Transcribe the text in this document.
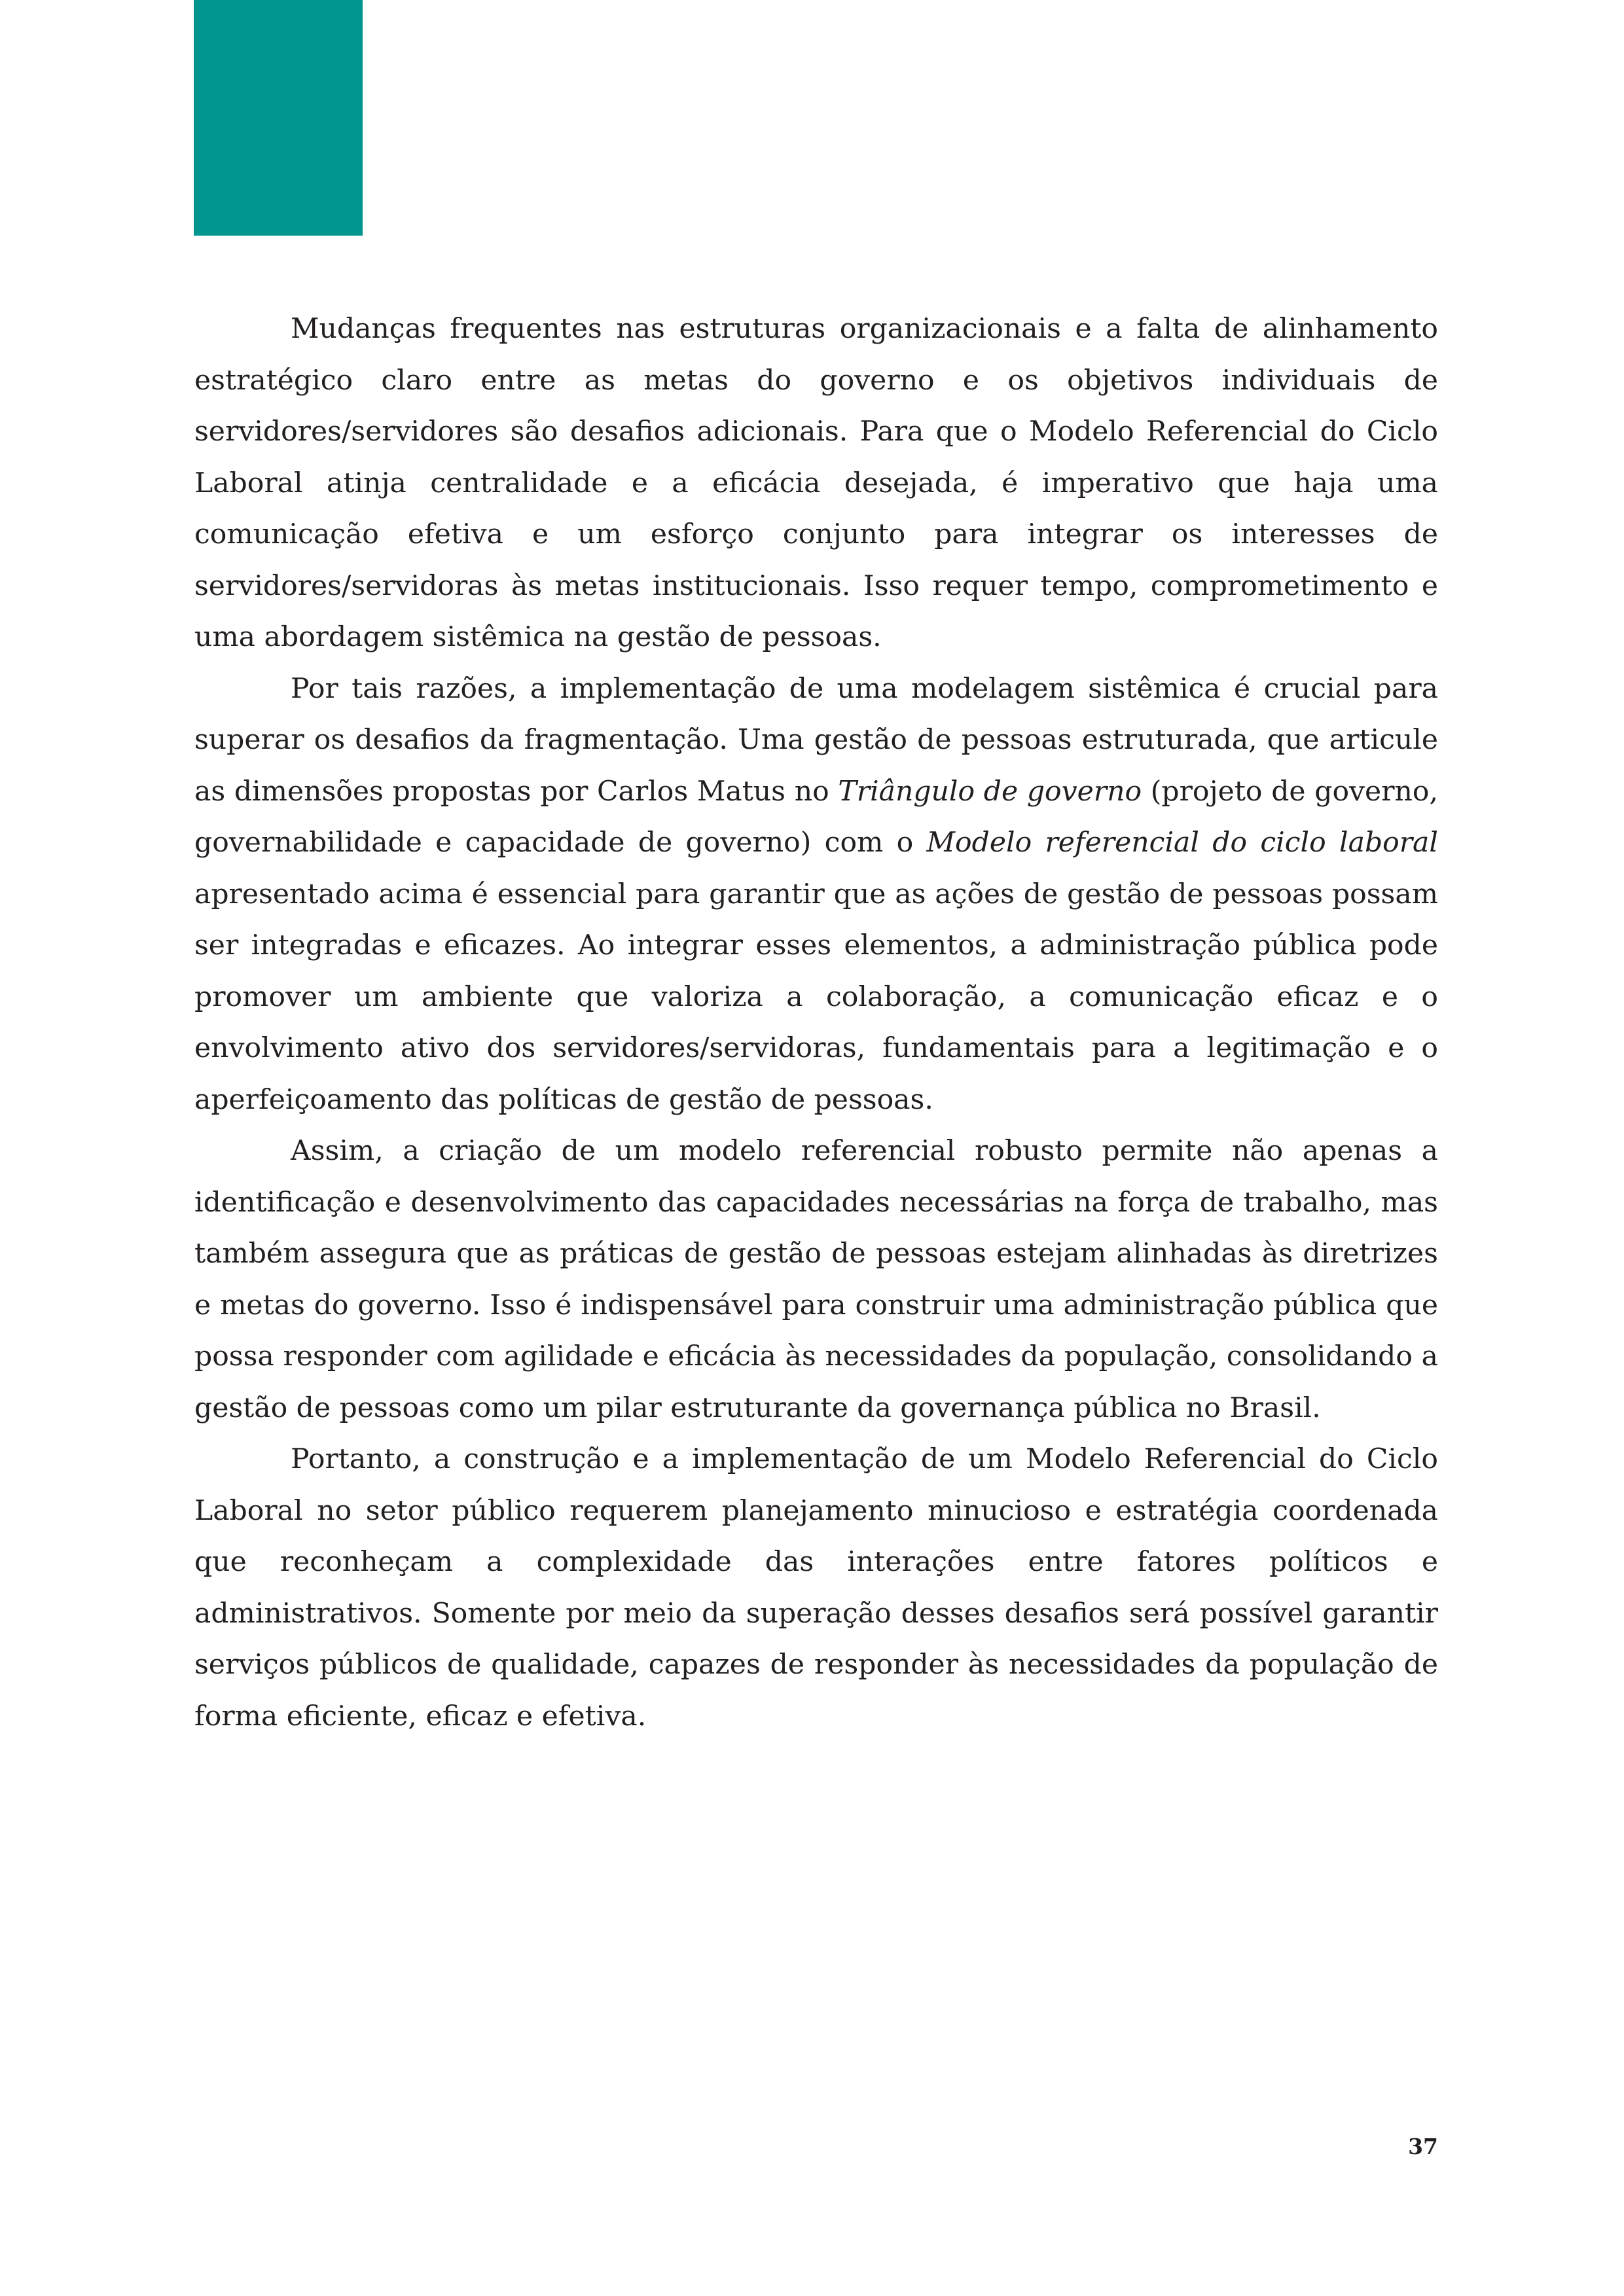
Mudanças frequentes nas estruturas organizacionais e a falta de alinhamento estratégico claro entre as metas do governo e os objetivos individuais de servidores/servidores são desafios adicionais. Para que o Modelo Referencial do Ciclo Laboral atinja centralidade e a eficácia desejada, é imperativo que haja uma comunicação efetiva e um esforço conjunto para integrar os interesses de servidores/servidoras às metas institucionais. Isso requer tempo, comprometimento e uma abordagem sistêmica na gestão de pessoas.

Por tais razões, a implementação de uma modelagem sistêmica é crucial para superar os desafios da fragmentação. Uma gestão de pessoas estruturada, que articule as dimensões propostas por Carlos Matus no Triângulo de governo (projeto de governo, governabilidade e capacidade de governo) com o Modelo referencial do ciclo laboral apresentado acima é essencial para garantir que as ações de gestão de pessoas possam ser integradas e eficazes. Ao integrar esses elementos, a administração pública pode promover um ambiente que valoriza a colaboração, a comunicação eficaz e o envolvimento ativo dos servidores/servidoras, fundamentais para a legitimação e o aperfeiçoamento das políticas de gestão de pessoas.

Assim, a criação de um modelo referencial robusto permite não apenas a identificação e desenvolvimento das capacidades necessárias na força de trabalho, mas também assegura que as práticas de gestão de pessoas estejam alinhadas às diretrizes e metas do governo. Isso é indispensável para construir uma administração pública que possa responder com agilidade e eficácia às necessidades da população, consolidando a gestão de pessoas como um pilar estruturante da governança pública no Brasil.

Portanto, a construção e a implementação de um Modelo Referencial do Ciclo Laboral no setor público requerem planejamento minucioso e estratégia coordenada que reconheçam a complexidade das interações entre fatores políticos e administrativos. Somente por meio da superação desses desafios será possível garantir serviços públicos de qualidade, capazes de responder às necessidades da população de forma eficiente, eficaz e efetiva.

37
